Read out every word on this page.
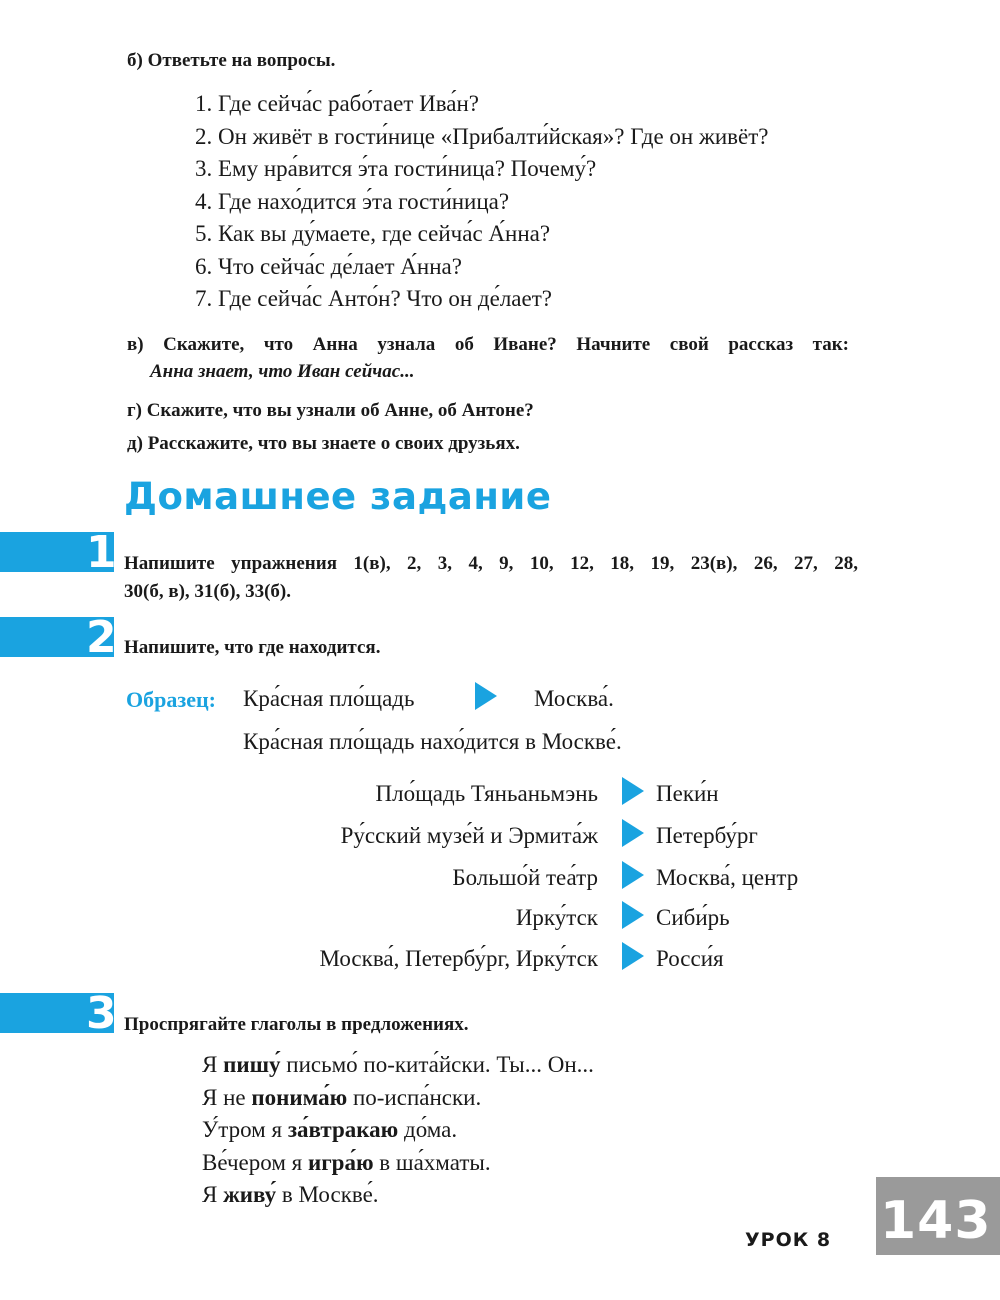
б) Ответьте на вопросы.
1. Где сейча́с рабо́тает Ива́н?
2. Он живёт в гости́нице «Прибалти́йская»? Где он живёт?
3. Ему нра́вится э́та гости́ница? Почему́?
4. Где нахо́дится э́та гости́ница?
5. Как вы ду́маете, где сейча́с А́нна?
6. Что сейча́с де́лает А́нна?
7. Где сейча́с Анто́н? Что он де́лает?
в) Скажите, что Анна узнала об Иване? Начните свой рассказ так:
Анна знает, что Иван сейчас...
г) Скажите, что вы узнали об Анне, об Антоне?
д) Расскажите, что вы знаете о своих друзьях.
Домашнее задание
1 Напишите упражнения 1(в), 2, 3, 4, 9, 10, 12, 18, 19, 23(в), 26, 27, 28,
30(б, в), 31(б), 33(б).
2 Напишите, что где находится.
Образец: Кра́сная пло́щадь	Москва́.
Кра́сная пло́щадь нахо́дится в Москве́.
Пло́щадь Тяньаньмэнь	Пеки́н
Ру́сский музе́й и Эрмита́ж	Петербу́рг
Большо́й теа́тр	Москва́, центр
Ирку́тск	Сиби́рь
Москва́, Петербу́рг, Ирку́тск	Росси́я
3 Проспрягайте глаголы в предложениях.

Я пишу́ письмо́ по-кита́йски. Ты... Он...

Я не понима́ю по-испа́нски.

У́тром я за́втракаю до́ма.

Ве́чером я игра́ю в ша́хматы.

Я живу́ в Москве́.

УРОК 8 143
